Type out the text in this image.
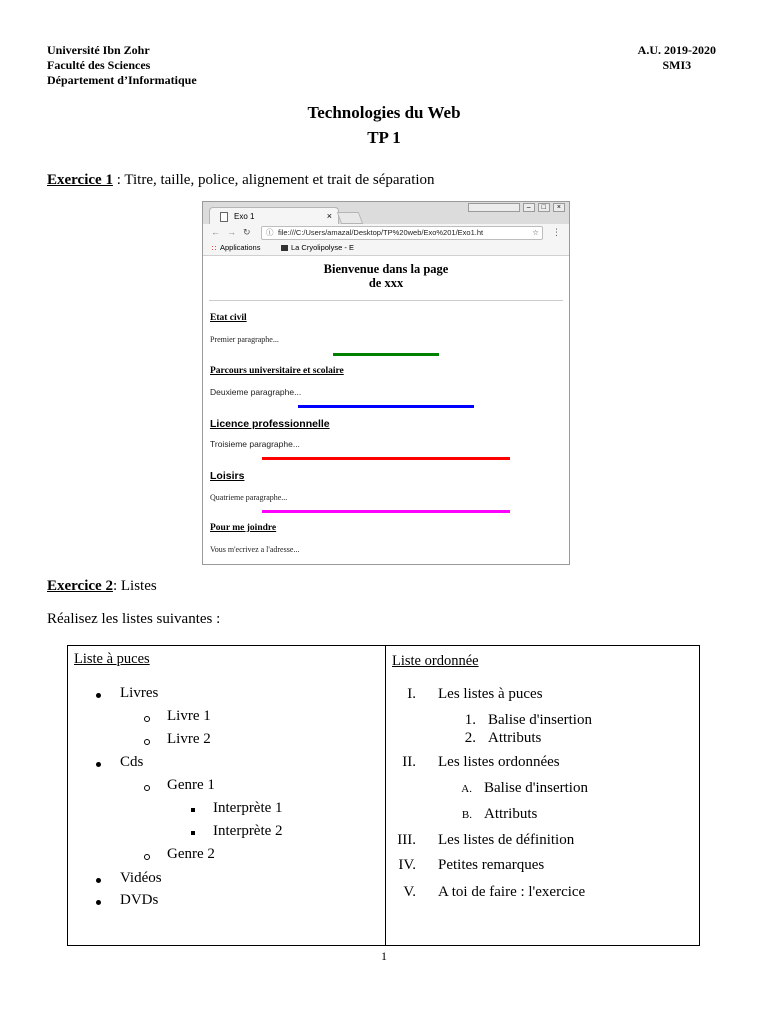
Université Ibn Zohr
Faculté des Sciences
Département d’Informatique
A.U. 2019-2020
SMI3
Technologies du Web
TP 1
Exercice 1 : Titre, taille, police, alignement et trait de séparation
Exo 1	×
–	□	×
← → ↻ ⓘ file:///C:/Users/amazal/Desktop/TP%20web/Exo%201/Exo1.ht	☆ ⋮
Applications	La Cryolipolyse - E
Bienvenue dans la page
de xxx
Etat civil
Premier paragraphe...
Parcours universitaire et scolaire
Deuxieme paragraphe...
Licence professionnelle
Troisieme paragraphe...
Loisirs
Quatrieme paragraphe...
Pour me joindre
Vous m'ecrivez a l'adresse...
Exercice 2: Listes
Réalisez les listes suivantes :
Liste à puces
Livres
Livre 1
Livre 2
Cds
Genre 1
Interprète 1
Interprète 2
Genre 2
Vidéos
DVDs
Liste ordonnée
I. Les listes à puces
1. Balise d'insertion
2. Attributs
II. Les listes ordonnées
A. Balise d'insertion
B. Attributs
III. Les listes de définition
IV. Petites remarques
V. A toi de faire : l'exercice
1
